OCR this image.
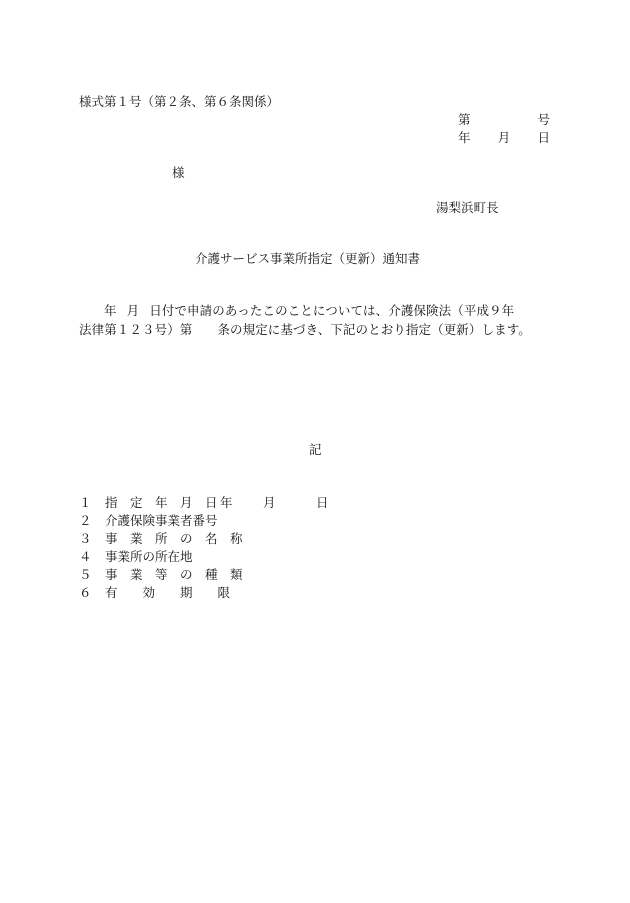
様式第１号（第２条、第６条関係）
第	号
年 月 日
様
湯梨浜町長
介護サービス事業所指定（更新）通知書
年 月 日付で申請のあったこのことについては、介護保険法（平成９年
法律第１２３号）第 条の規定に基づき、下記のとおり指定（更新）します。
記
１	指　定　年　月　日 年	月	日
２	介護保険事業者番号
３	事　業　所　の　名　称
４	事業所の所在地
５	事　業　等　の　種　類
６	有　　効　　期　　限
